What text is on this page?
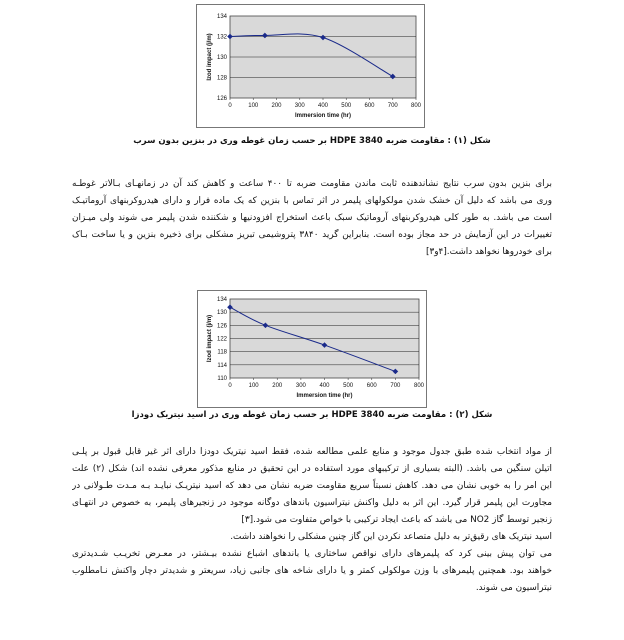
126
128
130
132
134
0	100 200 300 400 500 600 700 800
Immersion time (hr)
Izod impact (j/m)
شکل (۱) : مقاومت ضربه HDPE 3840 بر حسب زمان غوطه وری در بنزین بدون سرب
برای بنزین بدون سرب نتایج نشاندهنده ثابت ماندن مقاومت ضربه تا ۴۰۰ ساعت و کاهش کند آن در زمانهـای بـالاتر غوطـه
وری می باشد که دلیل آن خشک شدن مولکولهای پلیمر در اثر تماس با بنزین که یک ماده فرار و دارای هیدروکربنهای آروماتیـک
است می باشد. به طور کلی هیدروکربنهای آروماتیک سبک باعث استخراج افزودنیها و شکننده شدن پلیمر می شوند ولی میـزان
تغییرات در این آزمایش در حد مجاز بوده است. بنابراین گرید ۳۸۴۰ پتروشیمی تبریز مشکلی برای ذخیره بنزین و یا ساخت بـاک
برای خودروها نخواهد داشت.[۴و۳]
110
114
118
122
126
130
134
0	100 200 300 400 500 600 700 800
Immersion time (hr)
Izod impact (j/m)
شکل (۲) : مقاومت ضربه HDPE 3840 بر حسب زمان غوطه وری در اسید نیتریک دودزا
از مواد انتخاب شده طبق جدول موجود و منابع علمی مطالعه شده، فقط اسید نیتریک دودزا دارای اثر غیر قابل قبول بر پلـی
اتیلن سنگین می باشد. (البته بسیاری از ترکیبهای مورد استفاده در این تحقیق در منابع مذکور معرفی نشده اند) شکل (۲) علت
این امر را به خوبی نشان می دهد. کاهش نسبتاً سریع مقاومت ضربه نشان می دهد که اسید نیتریـک نبایـد بـه مـدت طـولانی در
مجاورت این پلیمر قرار گیرد. این اثر به دلیل واکنش نیتراسیون باندهای دوگانه موجود در زنجیرهای پلیمر، به خصوص در انتهـای
زنجیر توسط گاز NO2 می باشد که باعث ایجاد ترکیبی با خواص متفاوت می شود.[۳]
اسید نیتریک های رقیق‌تر به دلیل متصاعد نکردن این گاز چنین مشکلی را نخواهند داشت.
می توان پیش بینی کرد که پلیمرهای دارای نواقص ساختاری یا باندهای اشباع نشده بیـشتر، در معـرض تخریـب شـدیدتری
خواهند بود. همچنین پلیمرهای با وزن مولکولی کمتر و یا دارای شاخه های جانبی زیاد، سریعتر و شدیدتر دچار واکنش نـامطلوب
نیتراسیون می شوند.
